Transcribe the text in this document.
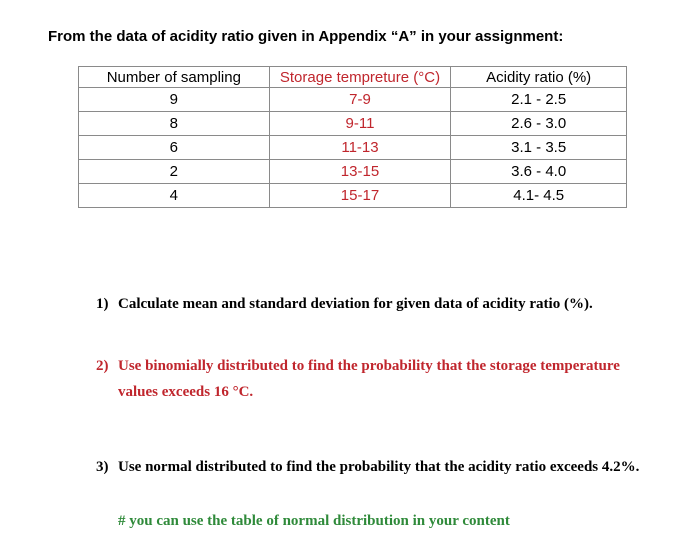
From the data of acidity ratio given in Appendix “A” in your assignment:
Number of sampling	Storage tempreture (°C)	Acidity ratio (%)
9	7-9	2.1 - 2.5
8	9-11	2.6 - 3.0
6	11-13	3.1 - 3.5
2	13-15	3.6 - 4.0
4	15-17	4.1- 4.5
1) Calculate mean and standard deviation for given data of acidity ratio (%).
2) Use binomially distributed to find the probability that the storage temperature values exceeds 16 °C.
3) Use normal distributed to find the probability that the acidity ratio exceeds 4.2%.
# you can use the table of normal distribution in your content
